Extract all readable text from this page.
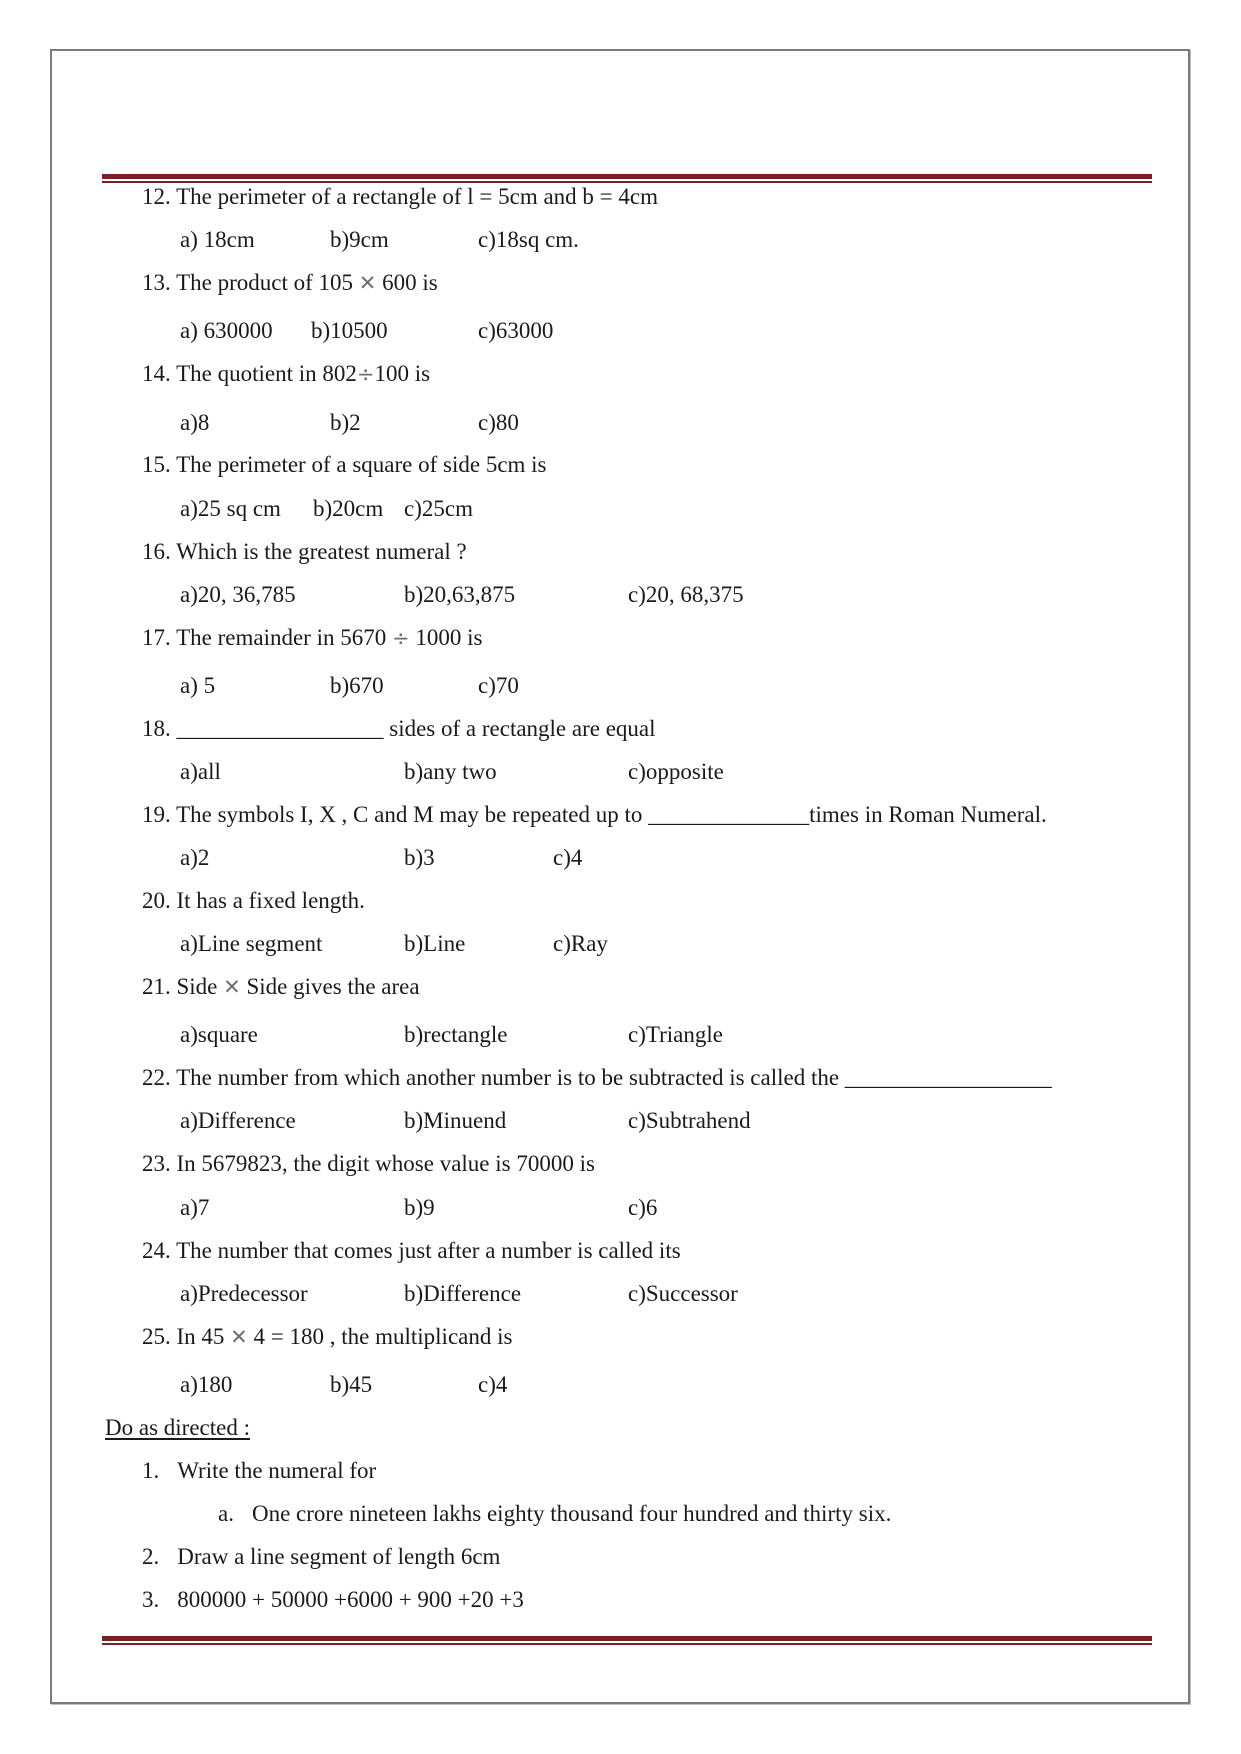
12. The perimeter of a rectangle of l = 5cm and b = 4cm
a) 18cm	b)9cm	c)18sq cm.
13. The product of 105 ✕ 600 is
a) 630000 b)10500	c)63000
14. The quotient in 802÷100 is
a)8	b)2	c)80
15. The perimeter of a square of side 5cm is
a)25 sq cm b)20cm c)25cm
16. Which is the greatest numeral ?
a)20, 36,785	b)20,63,875	c)20, 68,375
17. The remainder in 5670 ÷ 1000 is
a) 5	b)670	c)70
18. __________________ sides of a rectangle are equal
a)all	b)any two	c)opposite
19. The symbols I, X , C and M may be repeated up to ______________times in Roman Numeral.
a)2	b)3	c)4
20. It has a fixed length.
a)Line segment	b)Line	c)Ray
21. Side ✕ Side gives the area
a)square	b)rectangle	c)Triangle
22. The number from which another number is to be subtracted is called the __________________
a)Difference	b)Minuend	c)Subtrahend
23. In 5679823, the digit whose value is 70000 is
a)7	b)9	c)6
24. The number that comes just after a number is called its
a)Predecessor	b)Difference	c)Successor
25. In 45 ✕ 4 = 180 , the multiplicand is
a)180	b)45	c)4
Do as directed :
1. Write the numeral for
a. One crore nineteen lakhs eighty thousand four hundred and thirty six.
2. Draw a line segment of length 6cm
3. 800000 + 50000 +6000 + 900 +20 +3
